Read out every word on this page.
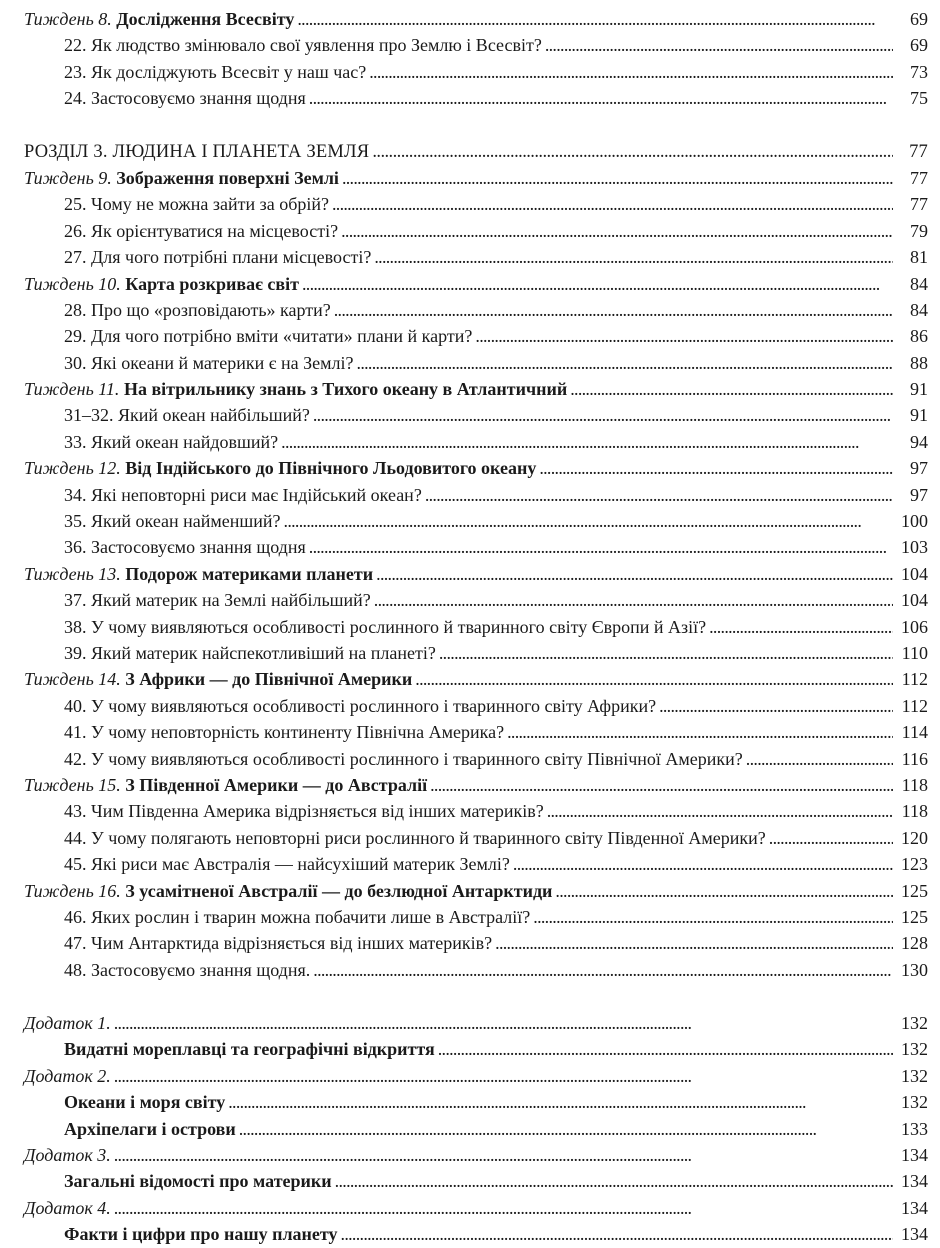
Тиждень 8. Дослідження Всесвіту . . .	69
22. Як людство змінювало свої уявлення про Землю і Всесвіт? . . .	69
23. Як досліджують Всесвіт у наш час? . . .	73
24. Застосовуємо знання щодня . . .	75
РОЗДІЛ 3. ЛЮДИНА І ПЛАНЕТА ЗЕМЛЯ . . .	77
Тиждень 9. Зображення поверхні Землі . . .	77
25. Чому не можна зайти за обрій? . . .	77
26. Як орієнтуватися на місцевості? . . .	79
27. Для чого потрібні плани місцевості? . . .	81
Тиждень 10. Карта розкриває світ . . .	84
28. Про що «розповідають» карти? . . .	84
29. Для чого потрібно вміти «читати» плани й карти? . . .	86
30. Які океани й материки є на Землі? . . .	88
Тиждень 11. На вітрильнику знань з Тихого океану в Атлантичний . . .	91
31–32. Який океан найбільший? . . .	91
33. Який океан найдовший? . . .	94
Тиждень 12. Від Індійського до Північного Льодовитого океану . . .	97
34. Які неповторні риси має Індійський океан? . . .	97
35. Який океан найменший? . . .	100
36. Застосовуємо знання щодня . . .	103
Тиждень 13. Подорож материками планети . . .	104
37. Який материк на Землі найбільший? . . .	104
38. У чому виявляються особливості рослинного й тваринного світу Європи й Азії? . . .	106
39. Який материк найспекотливіший на планеті? . . .	110
Тиждень 14. З Африки — до Північної Америки . . .	112
40. У чому виявляються особливості рослинного і тваринного світу Африки? . . .	112
41. У чому неповторність континенту Північна Америка? . . .	114
42. У чому виявляються особливості рослинного і тваринного світу Північної Америки? . . .	116
Тиждень 15. З Південної Америки — до Австралії . . .	118
43. Чим Південна Америка відрізняється від інших материків? . . .	118
44. У чому полягають неповторні риси рослинного й тваринного світу Південної Америки? . . .	120
45. Які риси має Австралія — найсухіший материк Землі? . . .	123
Тиждень 16. З усамітненої Австралії — до безлюдної Антарктиди . . .	125
46. Яких рослин і тварин можна побачити лише в Австралії? . . .	125
47. Чим Антарктида відрізняється від інших материків? . . .	128
48. Застосовуємо знання щодня. . . .	130
Додаток 1. . . .	132
Видатні мореплавці та географічні відкриття . . .	132
Додаток 2. . . .	132
Океани і моря світу . . .	132
Архіпелаги і острови . . .	133
Додаток 3. . . .	134
Загальні відомості про материки . . .	134
Додаток 4. . . .	134
Факти і цифри про нашу планету . . .	134
